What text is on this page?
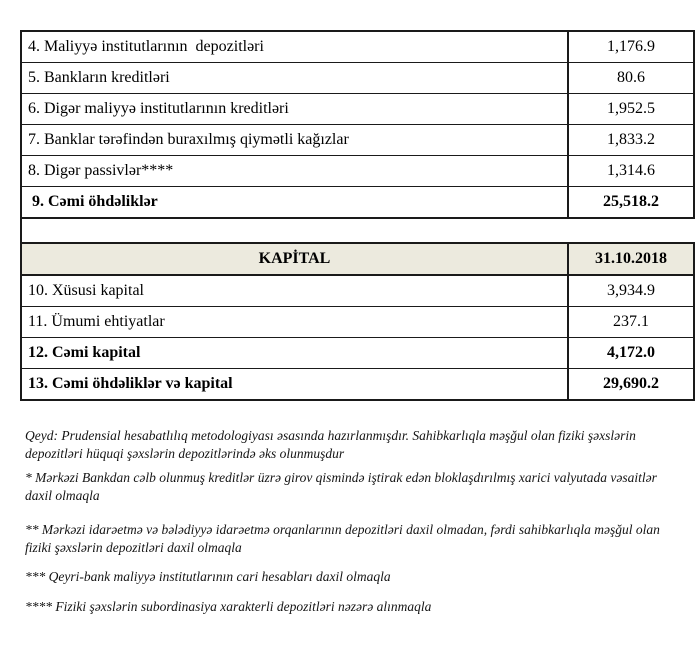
4. Maliyyə institutlarının  depozitləri	1,176.9
5. Bankların kreditləri	80.6
6. Digər maliyyə institutlarının kreditləri	1,952.5
7. Banklar tərəfindən buraxılmış qiymətli kağızlar	1,833.2
8. Digər passivlər****	1,314.6
9. Cəmi öhdəliklər	25,518.2
KAPİTAL	31.10.2018
10. Xüsusi kapital	3,934.9
11. Ümumi ehtiyatlar	237.1
12. Cəmi kapital	4,172.0
13. Cəmi öhdəliklər və kapital	29,690.2

Qeyd: Prudensial hesabatlılıq metodologiyası əsasında hazırlanmışdır. Sahibkarlıqla məşğul olan fiziki şəxslərin depozitləri hüquqi şəxslərin depozitlərində əks olunmuşdur

* Mərkəzi Bankdan cəlb olunmuş kreditlər üzrə girov qismində iştirak edən bloklaşdırılmış xarici valyutada vəsaitlər daxil olmaqla

** Mərkəzi idarəetmə və bələdiyyə idarəetmə orqanlarının depozitləri daxil olmadan, fərdi sahibkarlıqla məşğul olan fiziki şəxslərin depozitləri daxil olmaqla

*** Qeyri-bank maliyyə institutlarının cari hesabları daxil olmaqla

**** Fiziki şəxslərin subordinasiya xarakterli depozitləri nəzərə alınmaqla
